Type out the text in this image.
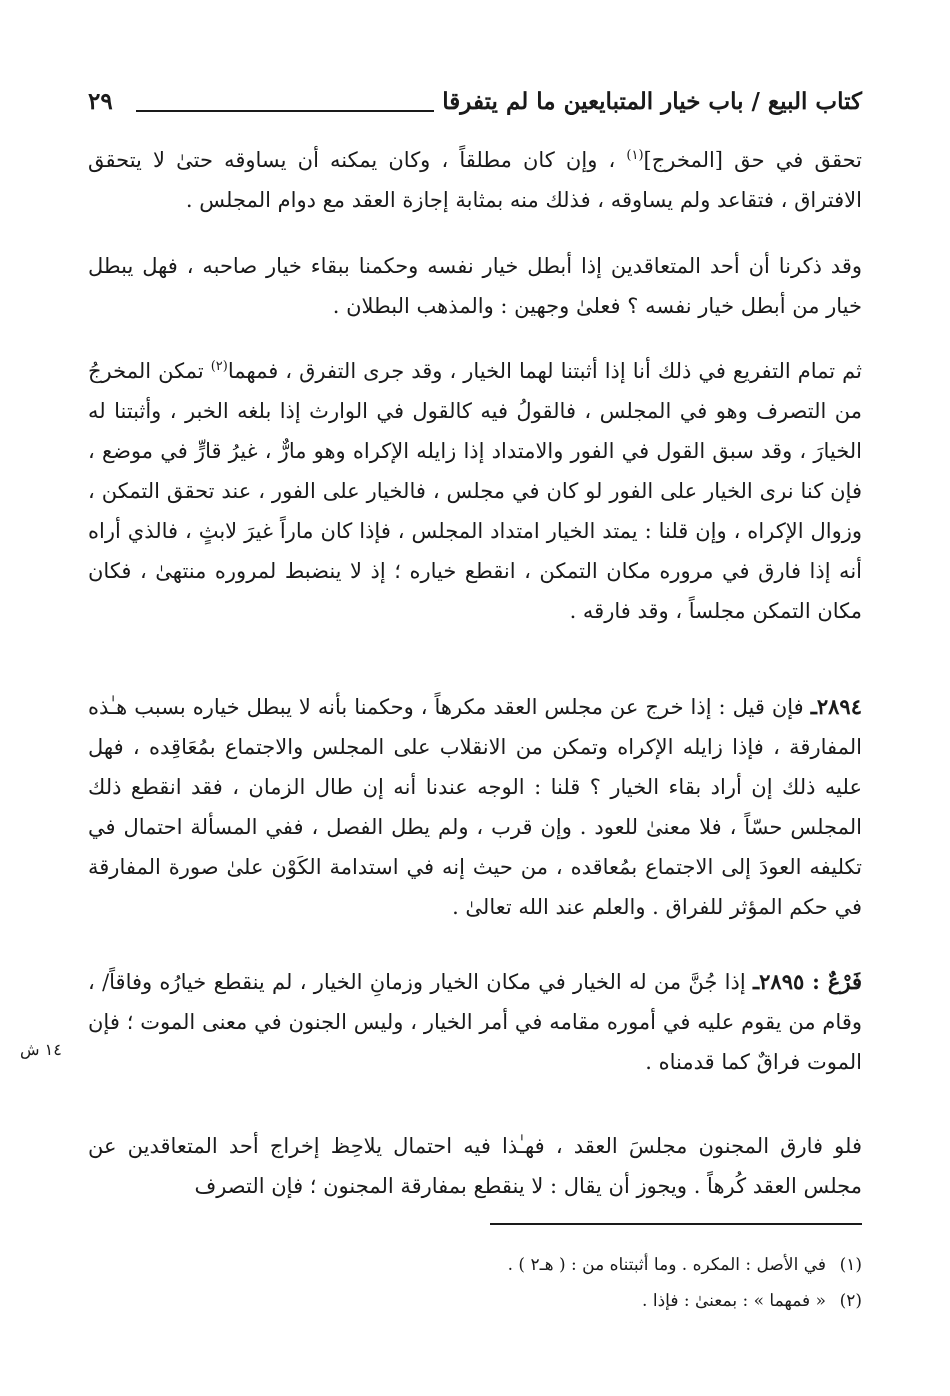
كتاب البيع / باب خيار المتبايعين ما لم يتفرقا
٢٩

تحقق في حق [المخرج]$^{(١)}$ ، وإن كان مطلقاً ، وكان يمكنه أن يساوقه حتىٰ لا يتحقق الافتراق ، فتقاعد ولم يساوقه ، فذلك منه بمثابة إجازة العقد مع دوام المجلس .

وقد ذكرنا أن أحد المتعاقدين إذا أبطل خيار نفسه وحكمنا ببقاء خيار صاحبه ، فهل يبطل خيار من أبطل خيار نفسه ؟ فعلىٰ وجهين : والمذهب البطلان .

ثم تمام التفريع في ذلك أنا إذا أثبتنا لهما الخيار ، وقد جرى التفرق ، فمهما$^{(٢)}$ تمكن المخرجُ من التصرف وهو في المجلس ، فالقولُ فيه كالقول في الوارث إذا بلغه الخبر ، وأثبتنا له الخيارَ ، وقد سبق القول في الفور والامتداد إذا زايله الإكراه وهو مارٌّ ، غيرُ قارٍّ في موضع ، فإن كنا نرى الخيار على الفور لو كان في مجلس ، فالخيار على الفور ، عند تحقق التمكن ، وزوال الإكراه ، وإن قلنا : يمتد الخيار امتداد المجلس ، فإذا كان ماراً غيرَ لابثٍ ، فالذي أراه أنه إذا فارق في مروره مكان التمكن ، انقطع خياره ؛ إذ لا ينضبط لمروره منتهىٰ ، فكان مكان التمكن مجلساً ، وقد فارقه .

٢٨٩٤ـ فإن قيل : إذا خرج عن مجلس العقد مكرهاً ، وحكمنا بأنه لا يبطل خياره بسبب هـٰذه المفارقة ، فإذا زايله الإكراه وتمكن من الانقلاب على المجلس والاجتماع بمُعَاقِده ، فهل عليه ذلك إن أراد بقاء الخيار ؟ قلنا : الوجه عندنا أنه إن طال الزمان ، فقد انقطع ذلك المجلس حسّاً ، فلا معنىٰ للعود . وإن قرب ، ولم يطل الفصل ، ففي المسألة احتمال في تكليفه العودَ إلى الاجتماع بمُعاقده ، من حيث إنه في استدامة الكَوْن علىٰ صورة المفارقة في حكم المؤثر للفراق . والعلم عند الله تعالىٰ .

فَرْعٌ : ٢٨٩٥ـ إذا جُنَّ من له الخيار في مكان الخيار وزمانِ الخيار ، لم ينقطع خيارُه وفاقاً/ ، وقام من يقوم عليه في أموره مقامه في أمر الخيار ، وليس الجنون في معنى الموت ؛ فإن الموت فراقٌ كما قدمناه .

فلو فارق المجنون مجلسَ العقد ، فهـٰذا فيه احتمال يلاحِظ إخراج أحد المتعاقدين عن مجلس العقد كُرهاً . ويجوز أن يقال : لا ينقطع بمفارقة المجنون ؛ فإن التصرف

١٤ ش
(١)في الأصل : المكره . وما أثبتناه من : ( هـ٢ ) .
(٢)« فمهما » : بمعنىٰ : فإذا .
